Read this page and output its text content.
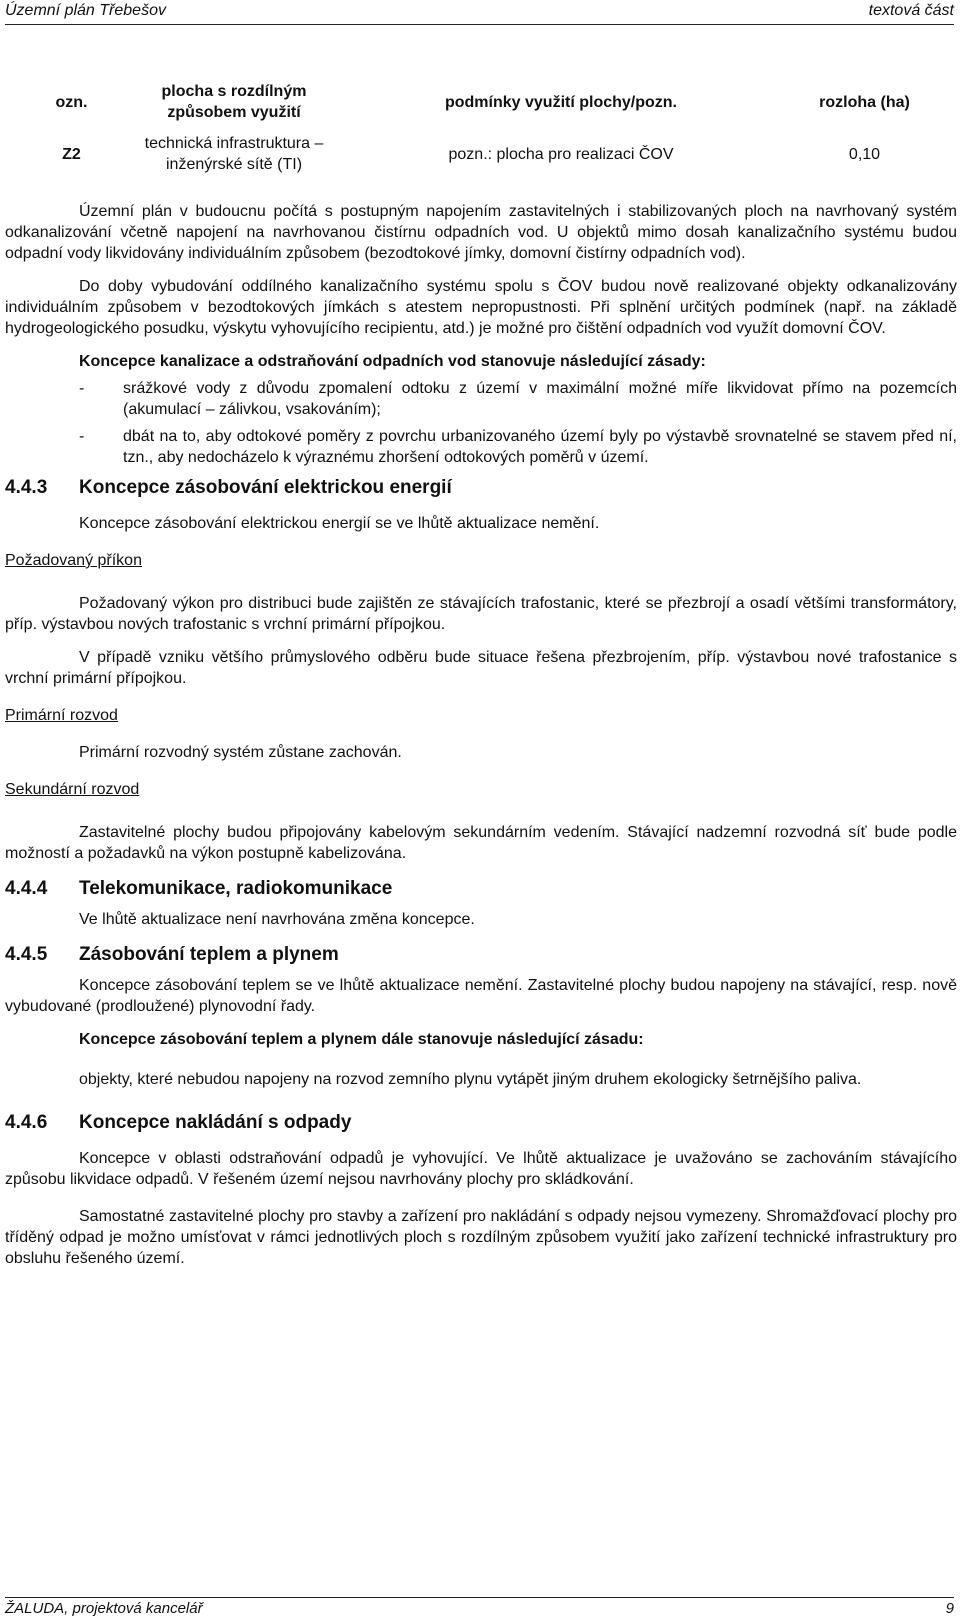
Územní plán Třebešov	textová část
ozn.	plocha s rozdílným způsobem využití	podmínky využití plochy/pozn.	rozloha (ha)
Z2	technická infrastruktura – inženýrské sítě (TI)	pozn.: plocha pro realizaci ČOV	0,10

Územní plán v budoucnu počítá s postupným napojením zastavitelných i stabilizovaných ploch na navrhovaný systém odkanalizování včetně napojení na navrhovanou čistírnu odpadních vod. U objektů mimo dosah kanalizačního systému budou odpadní vody likvidovány individuálním způsobem (bezodtokové jímky, domovní čistírny odpadních vod).

Do doby vybudování oddílného kanalizačního systému spolu s ČOV budou nově realizované objekty odkanalizovány individuálním způsobem v bezodtokových jímkách s atestem nepropustnosti. Při splnění určitých podmínek (např. na základě hydrogeologického posudku, výskytu vyhovujícího recipientu, atd.) je možné pro čištění odpadních vod využít domovní ČOV.

Koncepce kanalizace a odstraňování odpadních vod stanovuje následující zásady:

- srážkové vody z důvodu zpomalení odtoku z území v maximální možné míře likvidovat přímo na pozemcích (akumulací – zálivkou, vsakováním);
- dbát na to, aby odtokové poměry z povrchu urbanizovaného území byly po výstavbě srovnatelné se stavem před ní, tzn., aby nedocházelo k výraznému zhoršení odtokových poměrů v území.
4.4.3 Koncepce zásobování elektrickou energií

Koncepce zásobování elektrickou energií se ve lhůtě aktualizace nemění.

Požadovaný příkon

Požadovaný výkon pro distribuci bude zajištěn ze stávajících trafostanic, které se přezbrojí a osadí většími transformátory, příp. výstavbou nových trafostanic s vrchní primární přípojkou.

V případě vzniku většího průmyslového odběru bude situace řešena přezbrojením, příp. výstavbou nové trafostanice s vrchní primární přípojkou.

Primární rozvod

Primární rozvodný systém zůstane zachován.

Sekundární rozvod

Zastavitelné plochy budou připojovány kabelovým sekundárním vedením. Stávající nadzemní rozvodná síť bude podle možností a požadavků na výkon postupně kabelizována.

4.4.4 Telekomunikace, radiokomunikace

Ve lhůtě aktualizace není navrhována změna koncepce.

4.4.5 Zásobování teplem a plynem

Koncepce zásobování teplem se ve lhůtě aktualizace nemění. Zastavitelné plochy budou napojeny na stávající, resp. nově vybudované (prodloužené) plynovodní řady.

Koncepce zásobování teplem a plynem dále stanovuje následující zásadu:

objekty, které nebudou napojeny na rozvod zemního plynu vytápět jiným druhem ekologicky šetrnějšího paliva.

4.4.6 Koncepce nakládání s odpady

Koncepce v oblasti odstraňování odpadů je vyhovující. Ve lhůtě aktualizace je uvažováno se zachováním stávajícího způsobu likvidace odpadů. V řešeném území nejsou navrhovány plochy pro skládkování.

Samostatné zastavitelné plochy pro stavby a zařízení pro nakládání s odpady nejsou vymezeny. Shromažďovací plochy pro tříděný odpad je možno umísťovat v rámci jednotlivých ploch s rozdílným způsobem využití jako zařízení technické infrastruktury pro obsluhu řešeného území.

ŽALUDA, projektová kancelář	9
